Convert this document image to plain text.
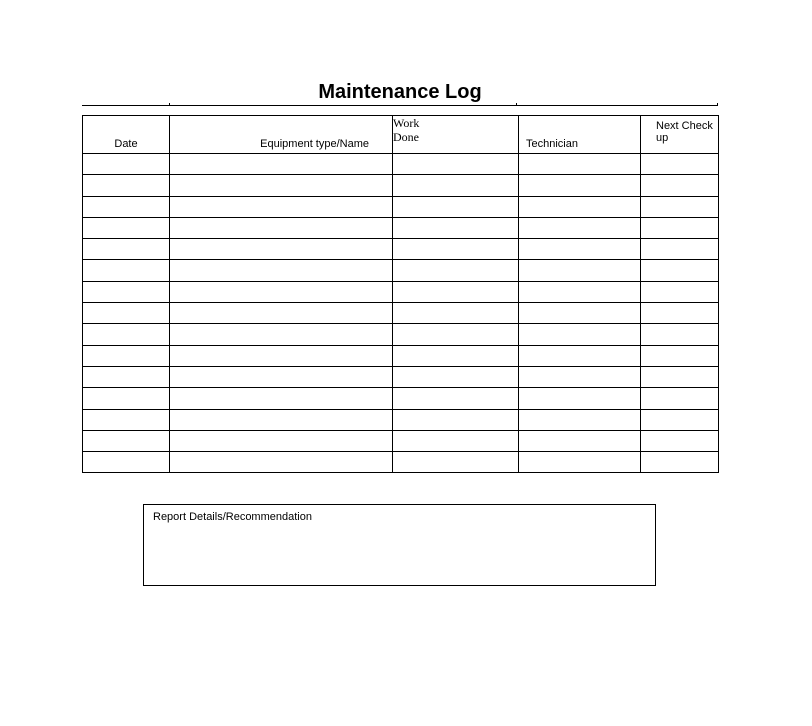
Maintenance Log
Date	Equipment type/Name	Work Done	Technician	Next Check up

Report Details/Recommendation
